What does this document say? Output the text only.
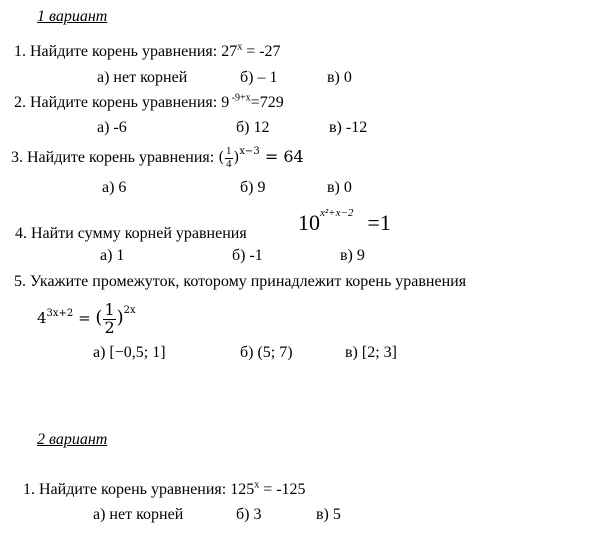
1 вариант
1. Найдите корень уравнения: $27^x = -27$
а) нет корней	б) – 1	в) 0
2. Найдите корень уравнения: 9 $^{-9+x}$=729
а) -6	б) 12	в) -12
3. Найдите корень уравнения: ( $\frac{1}{4} )^{x-3} = 64$
а) 6	б) 9	в) 0
4. Найти сумму корней уравнения $10^{x^2+x-2} =1$
а) 1	б) -1	в) 9
5. Укажите промежуток, которому принадлежит корень уравнения
$4^{3x+2}$ = ( $\frac{1}{2} )^{2x}$
а) [−0,5; 1]	б) (5; 7)	в) [2; 3]
2 вариант
1. Найдите корень уравнения: $125^x = -125$
а) нет корней	б) 3	в) 5
